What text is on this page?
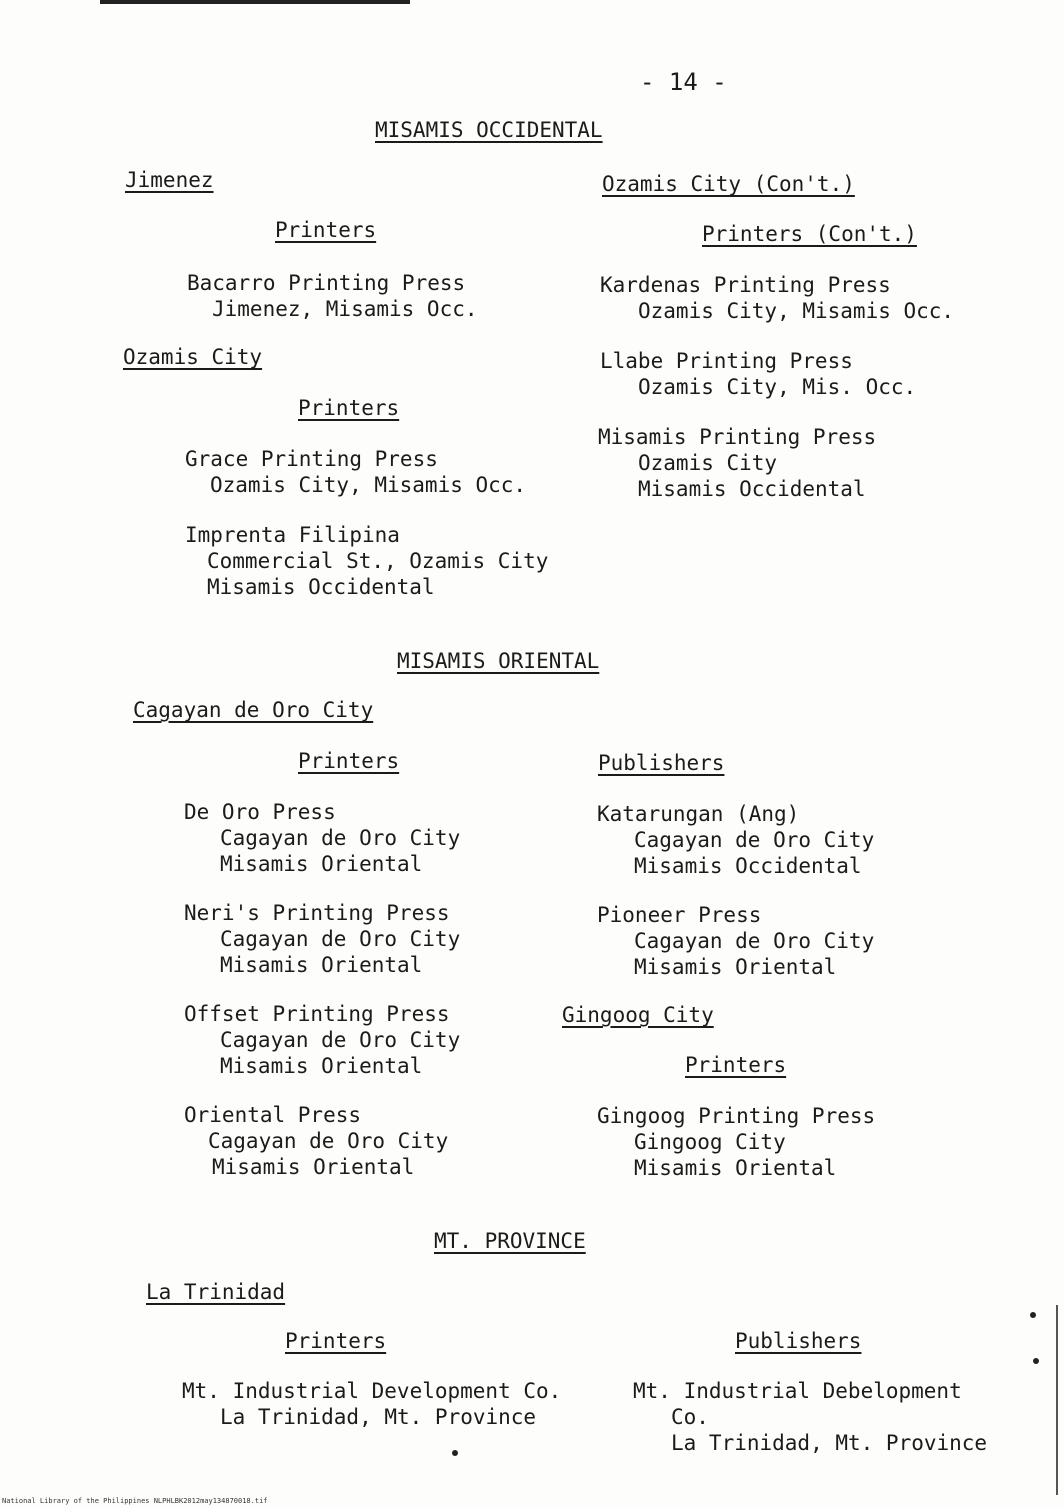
- 14 -
MISAMIS OCCIDENTAL
Jimenez
Printers
Bacarro Printing Press
Jimenez, Misamis Occ.
Ozamis City
Printers
Grace Printing Press
Ozamis City, Misamis Occ.
Imprenta Filipina
Commercial St., Ozamis City
Misamis Occidental
Ozamis City (Con't.)
Printers (Con't.)
Kardenas Printing Press
Ozamis City, Misamis Occ.
Llabe Printing Press
Ozamis City, Mis. Occ.
Misamis Printing Press
Ozamis City
Misamis Occidental
MISAMIS ORIENTAL
Cagayan de Oro City
Printers
De Oro Press
Cagayan de Oro City
Misamis Oriental
Neri's Printing Press
Cagayan de Oro City
Misamis Oriental
Offset Printing Press
Cagayan de Oro City
Misamis Oriental
Oriental Press
Cagayan de Oro City
Misamis Oriental
Publishers
Katarungan (Ang)
Cagayan de Oro City
Misamis Occidental
Pioneer Press
Cagayan de Oro City
Misamis Oriental
Gingoog City
Printers
Gingoog Printing Press
Gingoog City
Misamis Oriental
MT. PROVINCE
La Trinidad
Printers
Mt. Industrial Development Co.
La Trinidad, Mt. Province
Publishers
Mt. Industrial Debelopment
Co.
La Trinidad, Mt. Province
National Library of the Philippines NLPHLBK2012may134870018.tif
